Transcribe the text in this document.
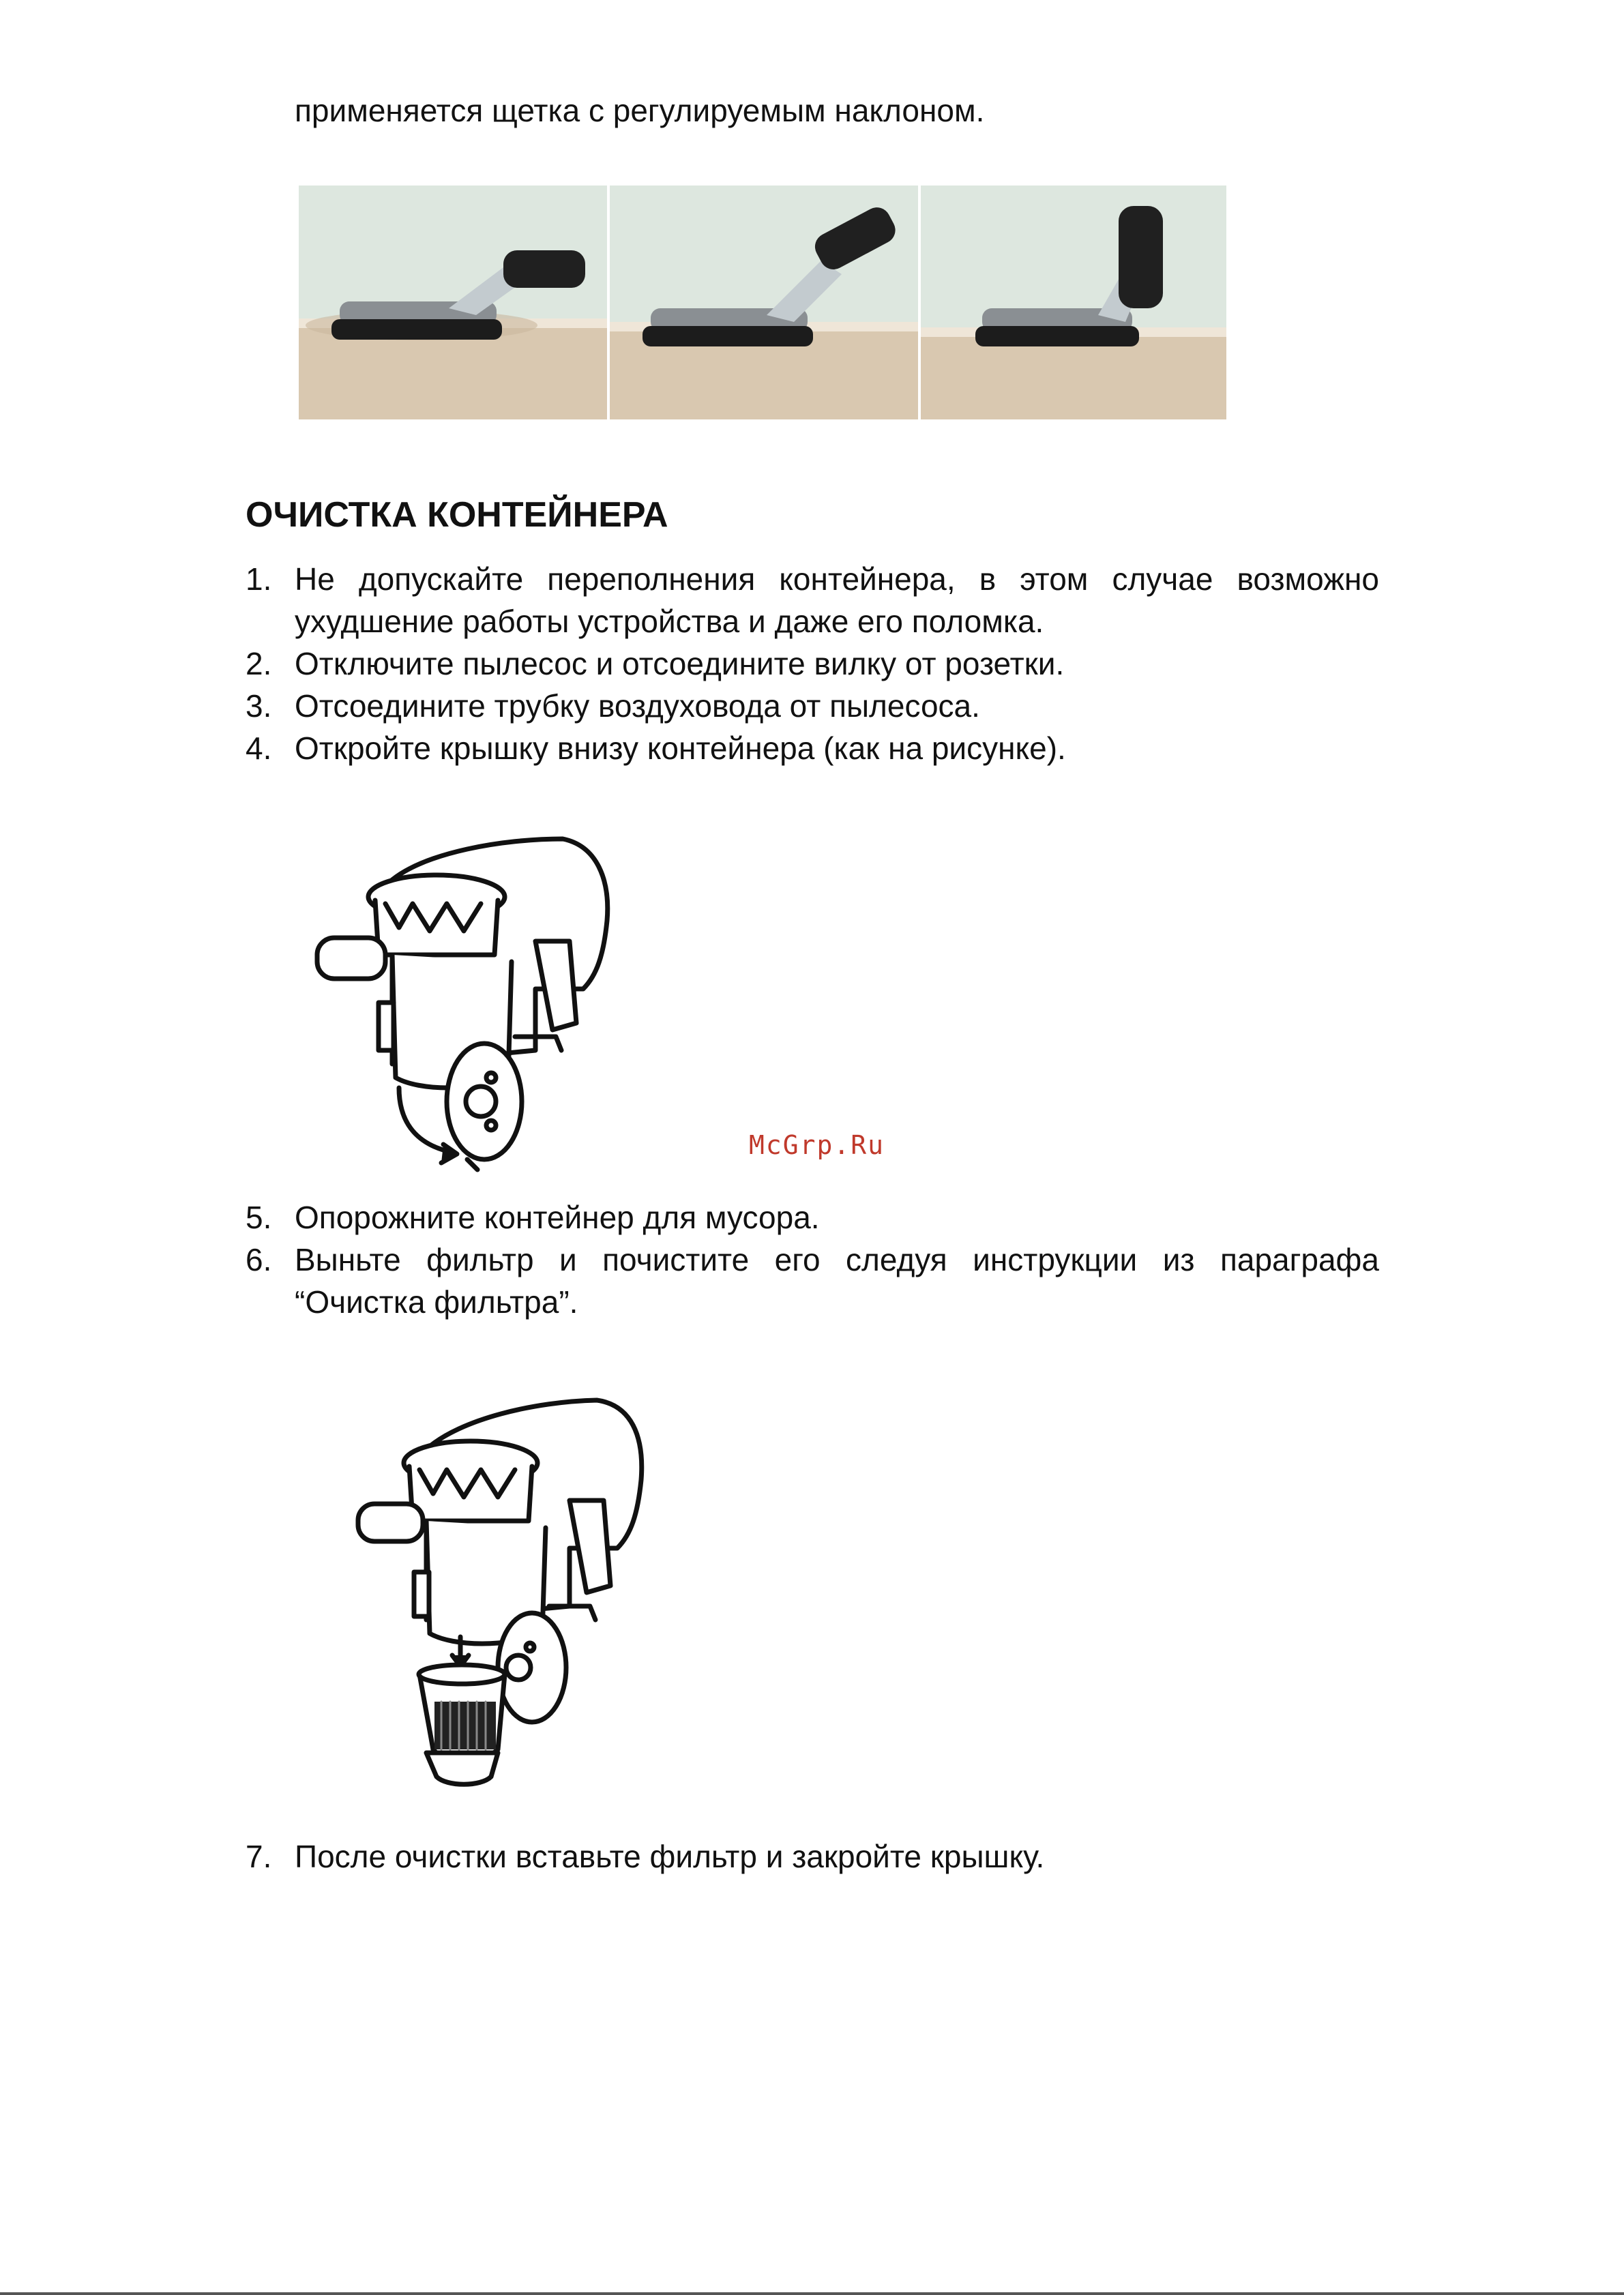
применяется щетка с регулируемым наклоном.
ОЧИСТКА КОНТЕЙНЕРА
1. Не допускайте переполнения контейнера, в этом случае возможно
ухудшение работы устройства и даже его поломка.
2. Отключите пылесос и отсоедините вилку от розетки.
3. Отсоедините трубку воздуховода от пылесоса.
4. Откройте крышку внизу контейнера (как на рисунке).
McGrp.Ru
5. Опорожните контейнер для мусора.
6. Выньте фильтр и почистите его следуя инструкции из параграфа
“Очистка фильтра”.
7. После очистки вставьте фильтр и закройте крышку.
